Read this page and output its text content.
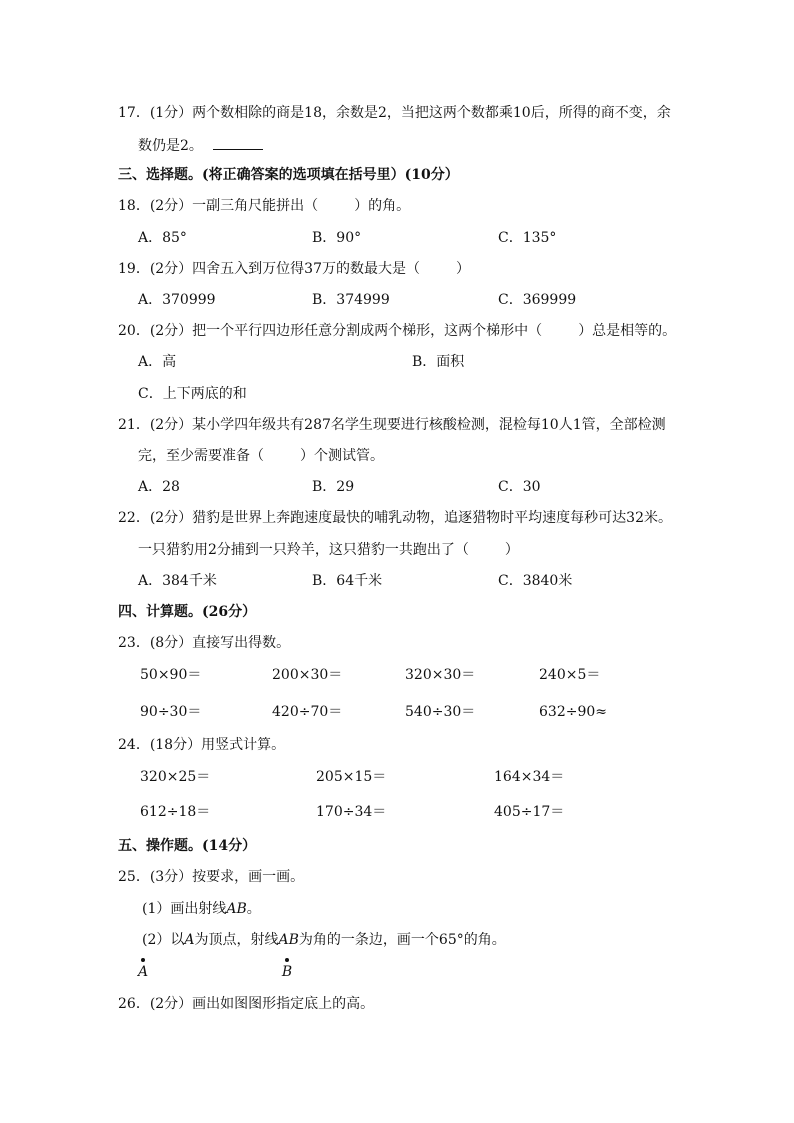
17．(1分）两个数相除的商是18，余数是2，当把这两个数都乘10后，所得的商不变，余
数仍是2。
三、选择题。(将正确答案的选项填在括号里）(10分）
18．(2分）一副三角尺能拼出（	）的角。
A．85°	B．90°	C．135°
19．(2分）四舍五入到万位得37万的数最大是（	）
A．370999	B．374999	C．369999
20．(2分）把一个平行四边形任意分割成两个梯形，这两个梯形中（	）总是相等的。
A．高	B．面积
C．上下两底的和
21．(2分）某小学四年级共有287名学生现要进行核酸检测，混检每10人1管，全部检测
完，至少需要准备（	）个测试管。
A．28	B．29	C．30
22．(2分）猎豹是世界上奔跑速度最快的哺乳动物，追逐猎物时平均速度每秒可达32米。
一只猎豹用2分捕到一只羚羊，这只猎豹一共跑出了（	）
A．384千米	B．64千米	C．3840米
四、计算题。(26分）
23．(8分）直接写出得数。
50×90＝	200×30＝	320×30＝	240×5＝
90÷30＝	420÷70＝	540÷30＝	632÷90≈
24．(18分）用竖式计算。
320×25＝	205×15＝	164×34＝
612÷18＝	170÷34＝	405÷17＝
五、操作题。(14分）
25．(3分）按要求，画一画。
(1）画出射线AB。
(2）以A为顶点，射线AB为角的一条边，画一个65°的角。
A	B
26．(2分）画出如图图形指定底上的高。
